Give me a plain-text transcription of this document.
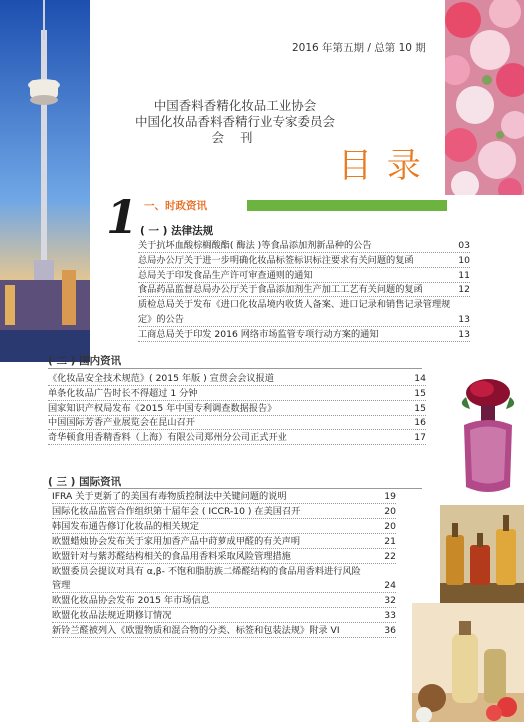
2016 年第五期 / 总第 10 期
中国香料香精化妆品工业协会
中国化妆品香料香精行业专家委员会
会 刊
目 录
1 一、时政资讯
( 一 ) 法律法规
关于抗坏血酸棕榈酸酯( 酶法 )等食品添加剂新品种的公告	03
总局办公厅关于进一步明确化妆品标签标识标注要求有关问题的复函	10
总局关于印发食品生产许可审查通则的通知	11
食品药品监督总局办公厅关于食品添加剂生产加工工艺有关问题的复函	12
质检总局关于发布《进口化妆品境内收货人备案、进口记录和销售记录管理规
定》的公告	13
工商总局关于印发 2016 网络市场监管专项行动方案的通知	13
( 二 ) 国内资讯
《化妆品安全技术规范》( 2015 年版 ) 宣贯会会议报道	14
单条化妆品广告时长不得超过 1 分钟	15
国家知识产权局发布《2015 年中国专利调查数据报告》	15
中国国际芳香产业展览会在昆山召开	16
奇华顿食用香精香料（上海）有限公司郑州分公司正式开业	17
( 三 ) 国际资讯
IFRA 关于更新了的美国有毒物质控制法中关键问题的说明	19
国际化妆品监管合作组织第十届年会 ( ICCR-10 ) 在美国召开	20
韩国发布通告修订化妆品的相关规定	20
欧盟蜡烛协会发布关于家用加香产品中莳萝成甲醛的有关声明	21
欧盟针对与紫苏醛结构相关的食品用香料采取风险管理措施	22
欧盟委员会提议对具有 α,β- 不饱和脂肪族二烯醛结构的食品用香料进行风险
管理	24
欧盟化妆品协会发布 2015 年市场信息	32
欧盟化妆品法规近期修订情况	33
新铃兰醛被列入《欧盟物质和混合物的分类、标签和包装法规》附录 VI	36
